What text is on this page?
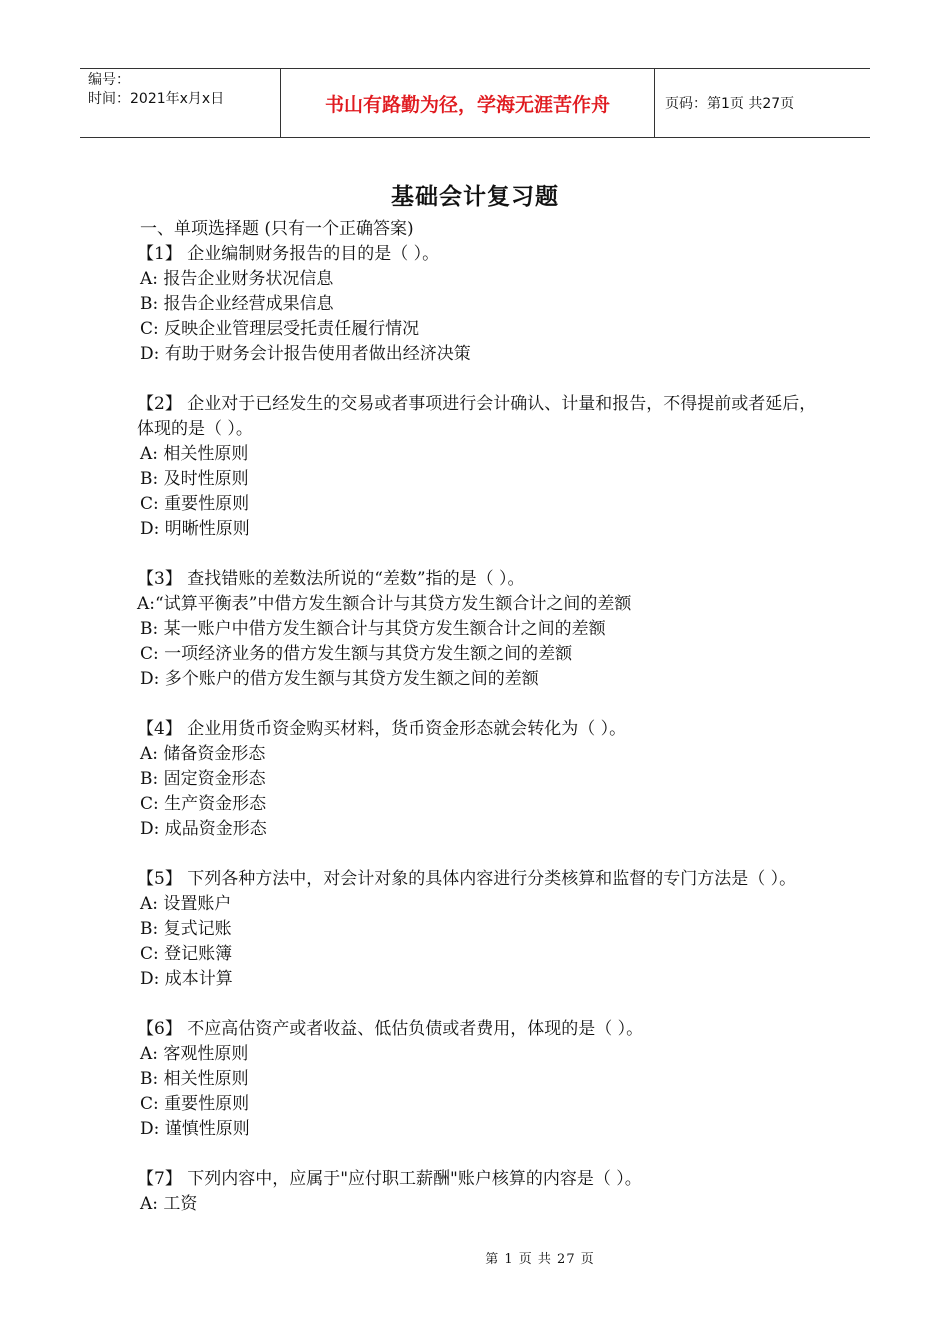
编号：
时间：2021年x月x日	书山有路勤为径，学海无涯苦作舟	页码：第1页 共27页
基础会计复习题

一、单项选择题 (只有一个正确答案)

【1】 企业编制财务报告的目的是（ ）。

A: 报告企业财务状况信息

B: 报告企业经营成果信息

C: 反映企业管理层受托责任履行情况

D: 有助于财务会计报告使用者做出经济决策

【2】 企业对于已经发生的交易或者事项进行会计确认、计量和报告，不得提前或者延后，体现的是（ ）。

A: 相关性原则

B: 及时性原则

C: 重要性原则

D: 明晰性原则

【3】 查找错账的差数法所说的“差数”指的是（ ）。

A:“试算平衡表”中借方发生额合计与其贷方发生额合计之间的差额

B: 某一账户中借方发生额合计与其贷方发生额合计之间的差额

C: 一项经济业务的借方发生额与其贷方发生额之间的差额

D: 多个账户的借方发生额与其贷方发生额之间的差额

【4】 企业用货币资金购买材料，货币资金形态就会转化为（ ）。

A: 储备资金形态

B: 固定资金形态

C: 生产资金形态

D: 成品资金形态

【5】 下列各种方法中，对会计对象的具体内容进行分类核算和监督的专门方法是（ ）。

A: 设置账户

B: 复式记账

C: 登记账簿

D: 成本计算

【6】 不应高估资产或者收益、低估负债或者费用，体现的是（ ）。

A: 客观性原则

B: 相关性原则

C: 重要性原则

D: 谨慎性原则

【7】 下列内容中，应属于"应付职工薪酬"账户核算的内容是（ ）。

A: 工资

第 1 页 共 27 页
